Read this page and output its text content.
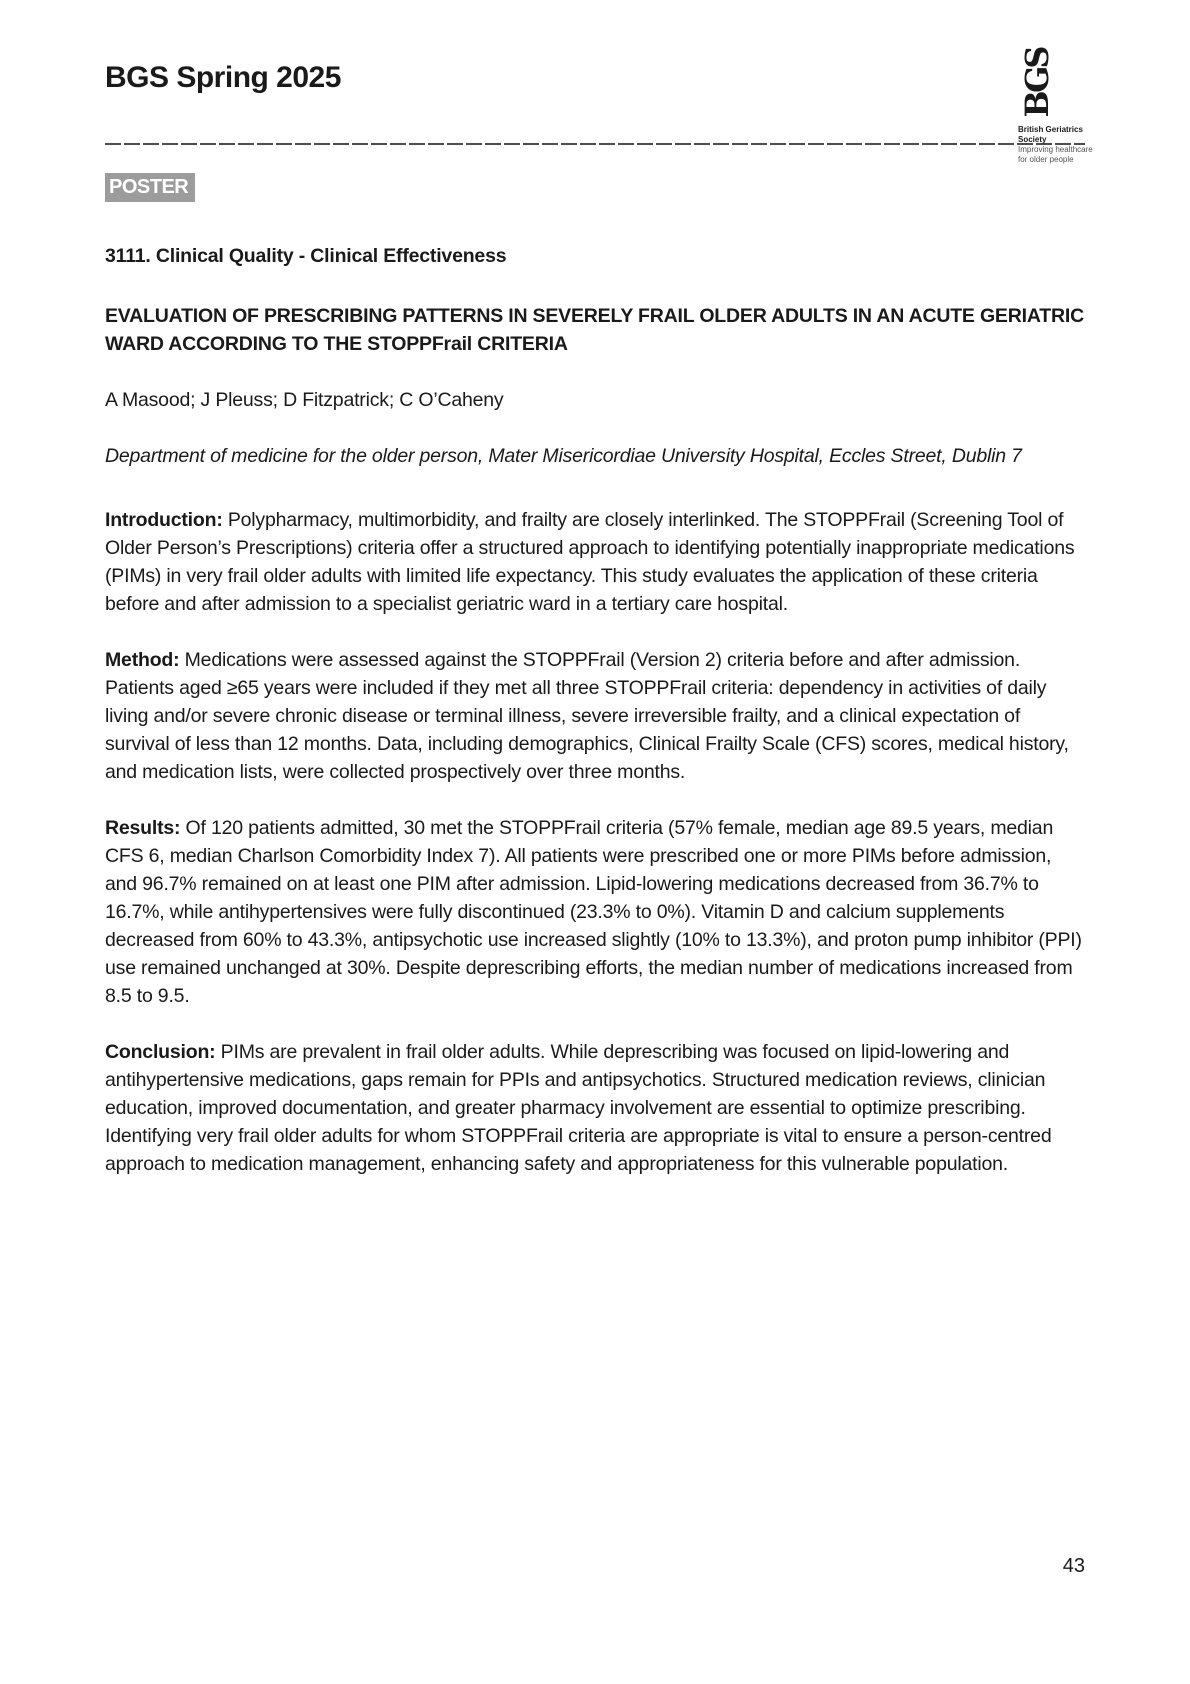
BGS Spring 2025	BGS
British Geriatrics Society
Improving healthcare
for older people
POSTER

3111. Clinical Quality - Clinical Effectiveness

EVALUATION OF PRESCRIBING PATTERNS IN SEVERELY FRAIL OLDER ADULTS IN AN ACUTE GERIATRIC WARD ACCORDING TO THE STOPPFrail CRITERIA

A Masood; J Pleuss; D Fitzpatrick; C O’Caheny

Department of medicine for the older person, Mater Misericordiae University Hospital, Eccles Street, Dublin 7

Introduction: Polypharmacy, multimorbidity, and frailty are closely interlinked. The STOPPFrail (Screening Tool of Older Person’s Prescriptions) criteria offer a structured approach to identifying potentially inappropriate medications (PIMs) in very frail older adults with limited life expectancy. This study evaluates the application of these criteria before and after admission to a specialist geriatric ward in a tertiary care hospital.

Method: Medications were assessed against the STOPPFrail (Version 2) criteria before and after admission. Patients aged ≥65 years were included if they met all three STOPPFrail criteria: dependency in activities of daily living and/or severe chronic disease or terminal illness, severe irreversible frailty, and a clinical expectation of survival of less than 12 months. Data, including demographics, Clinical Frailty Scale (CFS) scores, medical history, and medication lists, were collected prospectively over three months.

Results: Of 120 patients admitted, 30 met the STOPPFrail criteria (57% female, median age 89.5 years, median CFS 6, median Charlson Comorbidity Index 7). All patients were prescribed one or more PIMs before admission, and 96.7% remained on at least one PIM after admission. Lipid-lowering medications decreased from 36.7% to 16.7%, while antihypertensives were fully discontinued (23.3% to 0%). Vitamin D and calcium supplements decreased from 60% to 43.3%, antipsychotic use increased slightly (10% to 13.3%), and proton pump inhibitor (PPI) use remained unchanged at 30%. Despite deprescribing efforts, the median number of medications increased from 8.5 to 9.5.

Conclusion: PIMs are prevalent in frail older adults. While deprescribing was focused on lipid-lowering and antihypertensive medications, gaps remain for PPIs and antipsychotics. Structured medication reviews, clinician education, improved documentation, and greater pharmacy involvement are essential to optimize prescribing. Identifying very frail older adults for whom STOPPFrail criteria are appropriate is vital to ensure a person-centred approach to medication management, enhancing safety and appropriateness for this vulnerable population.

43
